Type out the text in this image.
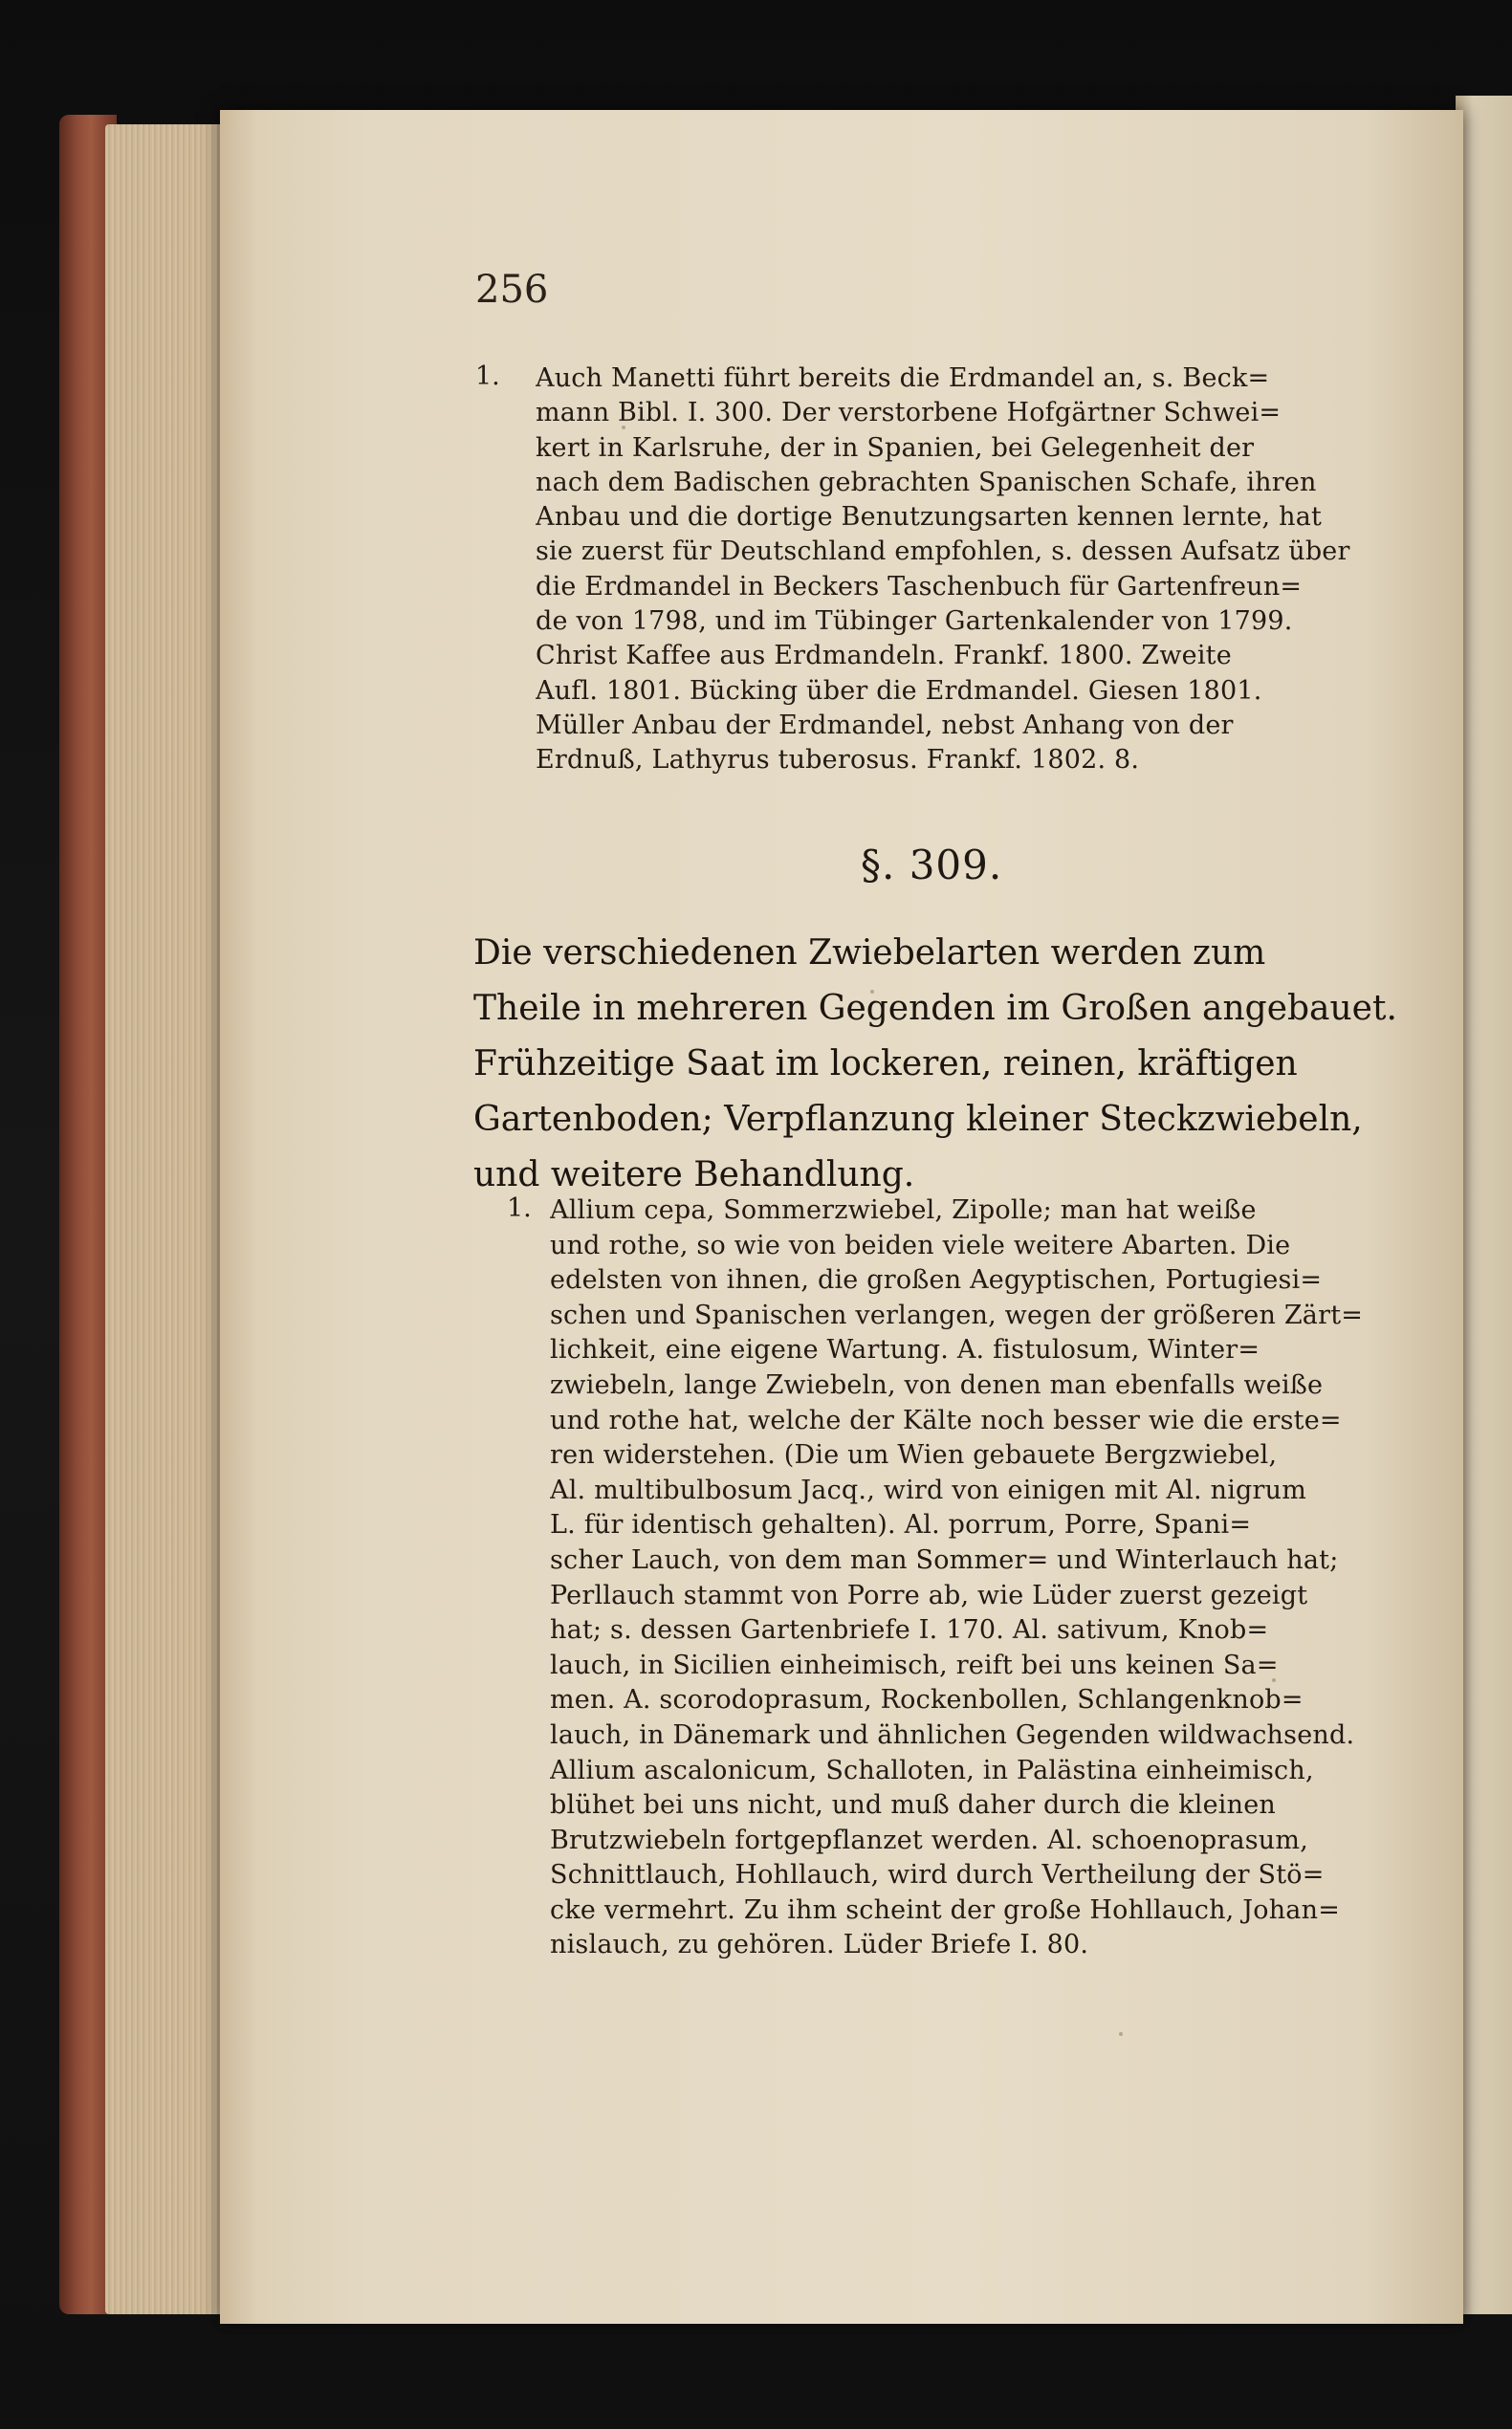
256
1. Auch Manetti führt bereits die Erdmandel an, s. Beck=
mann Bibl. I. 300. Der verstorbene Hofgärtner Schwei=
kert in Karlsruhe, der in Spanien, bei Gelegenheit der
nach dem Badischen gebrachten Spanischen Schafe, ihren
Anbau und die dortige Benutzungsarten kennen lernte, hat
sie zuerst für Deutschland empfohlen, s. dessen Aufsatz über
die Erdmandel in Beckers Taschenbuch für Gartenfreun=
de von 1798, und im Tübinger Gartenkalender von 1799.
Christ Kaffee aus Erdmandeln. Frankf. 1800. Zweite
Aufl. 1801. Bücking über die Erdmandel. Giesen 1801.
Müller Anbau der Erdmandel, nebst Anhang von der
Erdnuß, Lathyrus tuberosus. Frankf. 1802. 8.
§. 309.
Die verschiedenen Zwiebelarten werden zum
Theile in mehreren Gegenden im Großen angebauet.
Frühzeitige Saat im lockeren, reinen, kräftigen
Gartenboden; Verpflanzung kleiner Steckzwiebeln,
und weitere Behandlung.
1. Allium cepa, Sommerzwiebel, Zipolle; man hat weiße
und rothe, so wie von beiden viele weitere Abarten. Die
edelsten von ihnen, die großen Aegyptischen, Portugiesi=
schen und Spanischen verlangen, wegen der größeren Zärt=
lichkeit, eine eigene Wartung. A. fistulosum, Winter=
zwiebeln, lange Zwiebeln, von denen man ebenfalls weiße
und rothe hat, welche der Kälte noch besser wie die erste=
ren widerstehen. (Die um Wien gebauete Bergzwiebel,
Al. multibulbosum Jacq., wird von einigen mit Al. nigrum
L. für identisch gehalten). Al. porrum, Porre, Spani=
scher Lauch, von dem man Sommer= und Winterlauch hat;
Perllauch stammt von Porre ab, wie Lüder zuerst gezeigt
hat; s. dessen Gartenbriefe I. 170. Al. sativum, Knob=
lauch, in Sicilien einheimisch, reift bei uns keinen Sa=
men. A. scorodoprasum, Rockenbollen, Schlangenknob=
lauch, in Dänemark und ähnlichen Gegenden wildwachsend.
Allium ascalonicum, Schalloten, in Palästina einheimisch,
blühet bei uns nicht, und muß daher durch die kleinen
Brutzwiebeln fortgepflanzet werden. Al. schoenoprasum,
Schnittlauch, Hohllauch, wird durch Vertheilung der Stö=
cke vermehrt. Zu ihm scheint der große Hohllauch, Johan=
nislauch, zu gehören. Lüder Briefe I. 80.
